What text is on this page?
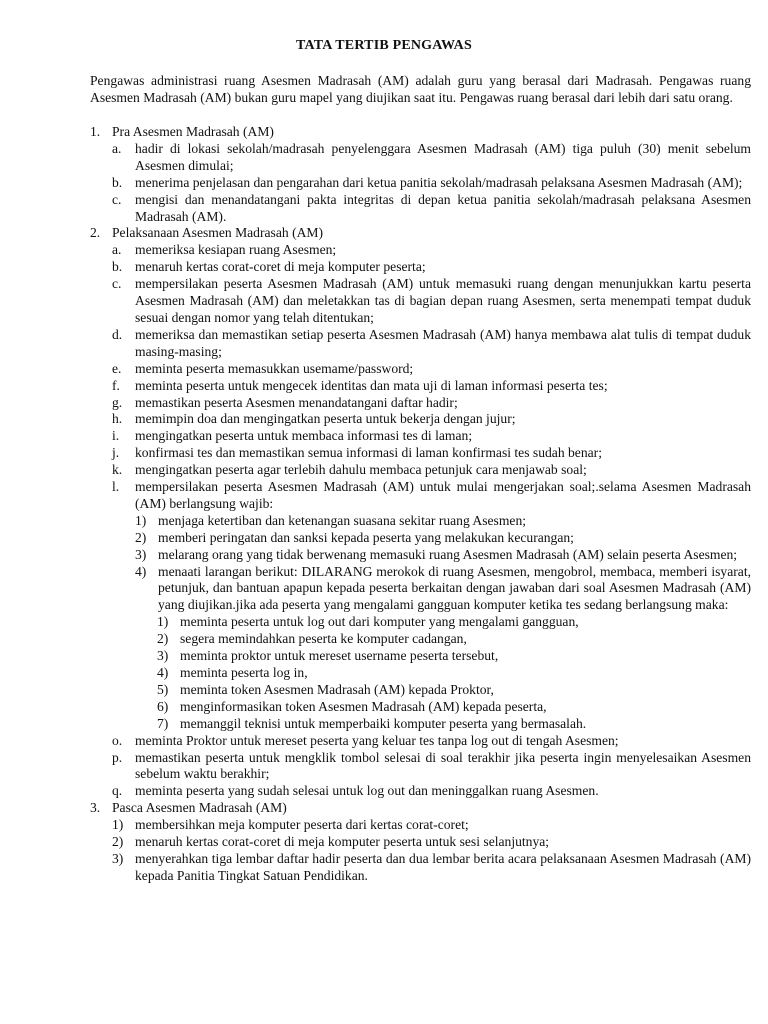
TATA TERTIB PENGAWAS

Pengawas administrasi ruang Asesmen Madrasah (AM) adalah guru yang berasal dari Madrasah. Pengawas ruang Asesmen Madrasah (AM) bukan guru mapel yang diujikan saat itu. Pengawas ruang berasal dari lebih dari satu orang.

1. Pra Asesmen Madrasah (AM)
a. hadir di lokasi sekolah/madrasah penyelenggara Asesmen Madrasah (AM) tiga puluh (30) menit sebelum Asesmen dimulai;
b. menerima penjelasan dan pengarahan dari ketua panitia sekolah/madrasah pelaksana Asesmen Madrasah (AM);
c. mengisi dan menandatangani pakta integritas di depan ketua panitia sekolah/madrasah pelaksana Asesmen Madrasah (AM).
2. Pelaksanaan Asesmen Madrasah (AM)
a. memeriksa kesiapan ruang Asesmen;
b. menaruh kertas corat-coret di meja komputer peserta;
c. mempersilakan peserta Asesmen Madrasah (AM) untuk memasuki ruang dengan menunjukkan kartu peserta Asesmen Madrasah (AM) dan meletakkan tas di bagian depan ruang Asesmen, serta menempati tempat duduk sesuai dengan nomor yang telah ditentukan;
d. memeriksa dan memastikan setiap peserta Asesmen Madrasah (AM) hanya membawa alat tulis di tempat duduk masing-masing;
e. meminta peserta memasukkan usemame/password;
f.	meminta peserta untuk mengecek identitas dan mata uji di laman informasi peserta tes;
g. memastikan peserta Asesmen menandatangani daftar hadir;
h. memimpin doa dan mengingatkan peserta untuk bekerja dengan jujur;
i.	mengingatkan peserta untuk membaca informasi tes di laman;
j.	konfirmasi tes dan memastikan semua informasi di laman konfirmasi tes sudah benar;
k. mengingatkan peserta agar terlebih dahulu membaca petunjuk cara menjawab soal;
l.	mempersilakan peserta Asesmen Madrasah (AM) untuk mulai mengerjakan soal;.selama Asesmen Madrasah (AM) berlangsung wajib:
1) menjaga ketertiban dan ketenangan suasana sekitar ruang Asesmen;
2) memberi peringatan dan sanksi kepada peserta yang melakukan kecurangan;
3) melarang orang yang tidak berwenang memasuki ruang Asesmen Madrasah (AM) selain peserta Asesmen;
4) menaati larangan berikut: DILARANG merokok di ruang Asesmen, mengobrol, membaca, memberi isyarat, petunjuk, dan bantuan apapun kepada peserta berkaitan dengan jawaban dari soal Asesmen Madrasah (AM) yang diujikan.jika ada peserta yang mengalami gangguan komputer ketika tes sedang berlangsung maka:
1) meminta peserta untuk log out dari komputer yang mengalami gangguan,
2) segera memindahkan peserta ke komputer cadangan,
3) meminta proktor untuk mereset username peserta tersebut,
4) meminta peserta log in,
5) meminta token Asesmen Madrasah (AM) kepada Proktor,
6) menginformasikan token Asesmen Madrasah (AM) kepada peserta,
7) memanggil teknisi untuk memperbaiki komputer peserta yang bermasalah.
o. meminta Proktor untuk mereset peserta yang keluar tes tanpa log out di tengah Asesmen;
p. memastikan peserta untuk mengklik tombol selesai di soal terakhir jika peserta ingin menyelesaikan Asesmen sebelum waktu berakhir;
q. meminta peserta yang sudah selesai untuk log out dan meninggalkan ruang Asesmen.
3. Pasca Asesmen Madrasah (AM)
1) membersihkan meja komputer peserta dari kertas corat-coret;
2) menaruh kertas corat-coret di meja komputer peserta untuk sesi selanjutnya;
3) menyerahkan tiga lembar daftar hadir peserta dan dua lembar berita acara pelaksanaan Asesmen Madrasah (AM) kepada Panitia Tingkat Satuan Pendidikan.
